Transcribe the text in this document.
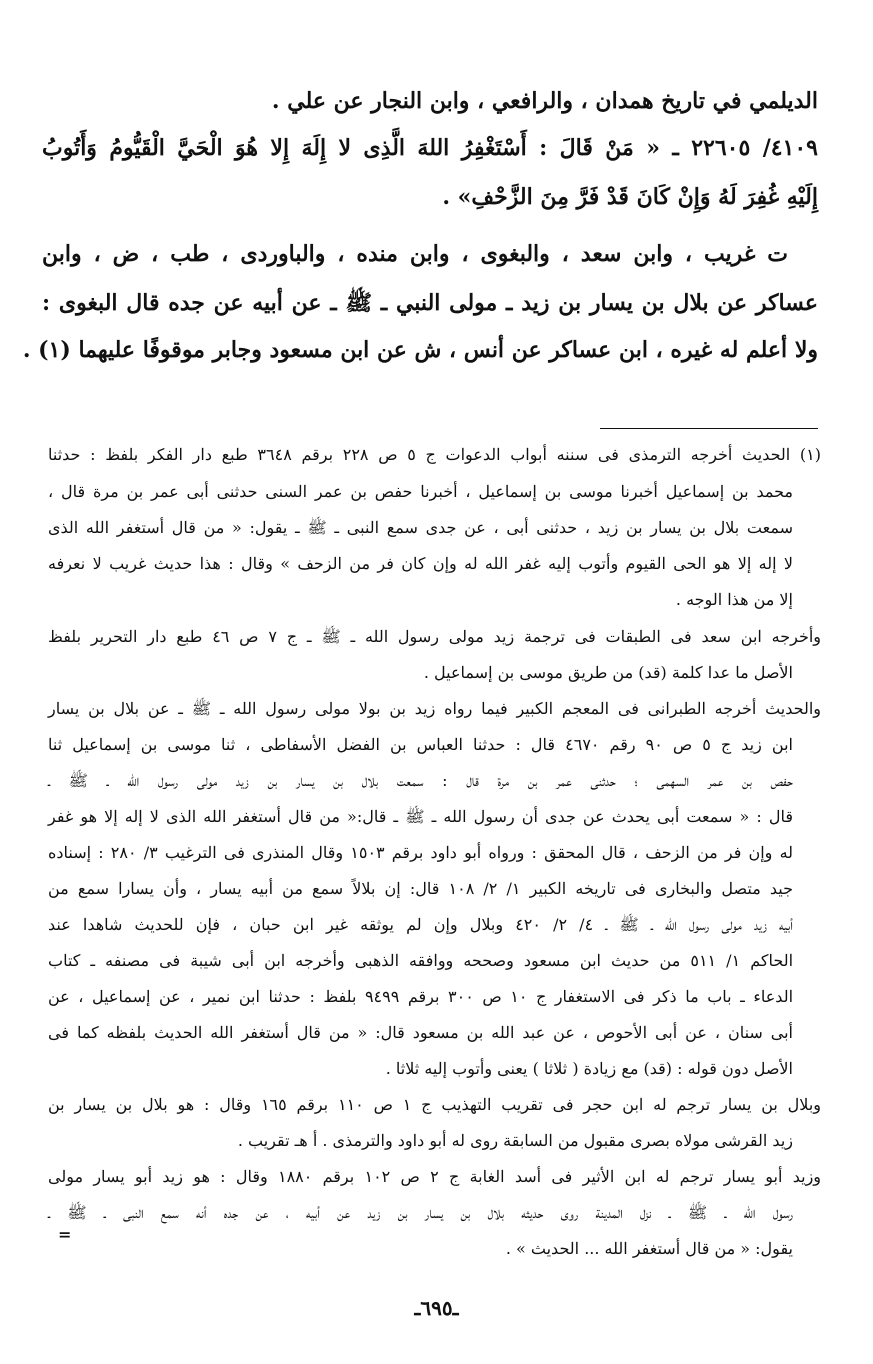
الديلمي في تاريخ همدان ، والرافعي ، وابن النجار عن علي .
٤١٠٩/ ٢٢٦٠٥ ـ « مَنْ قَالَ : أَسْتَغْفِرُ اللهَ الَّذِى لا إِلَهَ إِلا هُوَ الْحَيَّ الْقَيُّومُ وَأَتُوبُ
إِلَيْهِ غُفِرَ لَهُ وَإِنْ كَانَ قَدْ فَرَّ مِنَ الزَّحْفِ» .
ت غريب ، وابن سعد ، والبغوى ، وابن منده ، والباوردى ، طب ، ض ، وابن
عساكر عن بلال بن يسار بن زيد ـ مولى النبي ـ ﷺ ـ عن أبيه عن جده قال البغوى :
ولا أعلم له غيره ، ابن عساكر عن أنس ، ش عن ابن مسعود وجابر موقوفًا عليهما (١) .
(١) الحديث أخرجه الترمذى فى سننه أبواب الدعوات ج ٥ ص ٢٢٨ برقم ٣٦٤٨ طبع دار الفكر بلفظ : حدثنا
محمد بن إسماعيل أخبرنا موسى بن إسماعيل ، أخبرنا حفص بن عمر السنى حدثنى أبى عمر بن مرة قال ،
سمعت بلال بن يسار بن زيد ، حدثنى أبى ، عن جدى سمع النبى ـ ﷺ ـ يقول: « من قال أستغفر الله الذى
لا إله إلا هو الحى القيوم وأتوب إليه غفر الله له وإن كان فر من الزحف » وقال : هذا حديث غريب لا نعرفه
إلا من هذا الوجه .
وأخرجه ابن سعد فى الطبقات فى ترجمة زيد مولى رسول الله ـ ﷺ ـ ج ٧ ص ٤٦ طبع دار التحرير بلفظ
الأصل ما عدا كلمة (قد) من طريق موسى بن إسماعيل .
والحديث أخرجه الطبرانى فى المعجم الكبير فيما رواه زيد بن بولا مولى رسول الله ـ ﷺ ـ عن بلال بن يسار
ابن زيد ج ٥ ص ٩٠ رقم ٤٦٧٠ قال : حدثنا العباس بن الفضل الأسفاطى ، ثنا موسى بن إسماعيل ثنا
حفص بن عمر السهمى ؛ حدثنى عمر بن مرة قال : سمعت بلال بن يسار بن زيد مولى رسول الله ـ ﷺ ـ
قال : « سمعت أبى يحدث عن جدى أن رسول الله ـ ﷺ ـ قال:« من قال أستغفر الله الذى لا إله إلا هو غفر
له وإن فر من الزحف ، قال المحقق : ورواه أبو داود برقم ١٥٠٣ وقال المنذرى فى الترغيب ٣/ ٢٨٠ : إسناده
جيد متصل والبخارى فى تاريخه الكبير ١/ ٢/ ١٠٨ قال: إن بلالاً سمع من أبيه يسار ، وأن يسارا سمع من
أبيه زيد مولى رسول الله ـ ﷺ ـ ٤/ ٢/ ٤٢٠ وبلال وإن لم يوثقه غير ابن حبان ، فإن للحديث شاهدا عند
الحاكم ١/ ٥١١ من حديث ابن مسعود وصححه ووافقه الذهبى وأخرجه ابن أبى شيبة فى مصنفه ـ كتاب
الدعاء ـ باب ما ذكر فى الاستغفار ج ١٠ ص ٣٠٠ برقم ٩٤٩٩ بلفظ : حدثنا ابن نمير ، عن إسماعيل ، عن
أبى سنان ، عن أبى الأحوص ، عن عبد الله بن مسعود قال: « من قال أستغفر الله الحديث بلفظه كما فى
الأصل دون قوله : (قد) مع زيادة ( ثلاثا ) يعنى وأتوب إليه ثلاثا .
وبلال بن يسار ترجم له ابن حجر فى تقريب التهذيب ج ١ ص ١١٠ برقم ١٦٥ وقال : هو بلال بن يسار بن
زيد القرشى مولاه بصرى مقبول من السابقة روى له أبو داود والترمذى . أ هـ تقريب .
وزيد أبو يسار ترجم له ابن الأثير فى أسد الغابة ج ٢ ص ١٠٢ برقم ١٨٨٠ وقال : هو زيد أبو يسار مولى
رسول الله ـ ﷺ ـ نزل المدينة روى حديثه بلال بن يسار بن زيد عن أبيه ، عن جده أنه سمع النبى ـ ﷺ ـ
يقول: « من قال أستغفر الله ... الحديث » .
=
ـ٦٩٥ـ
